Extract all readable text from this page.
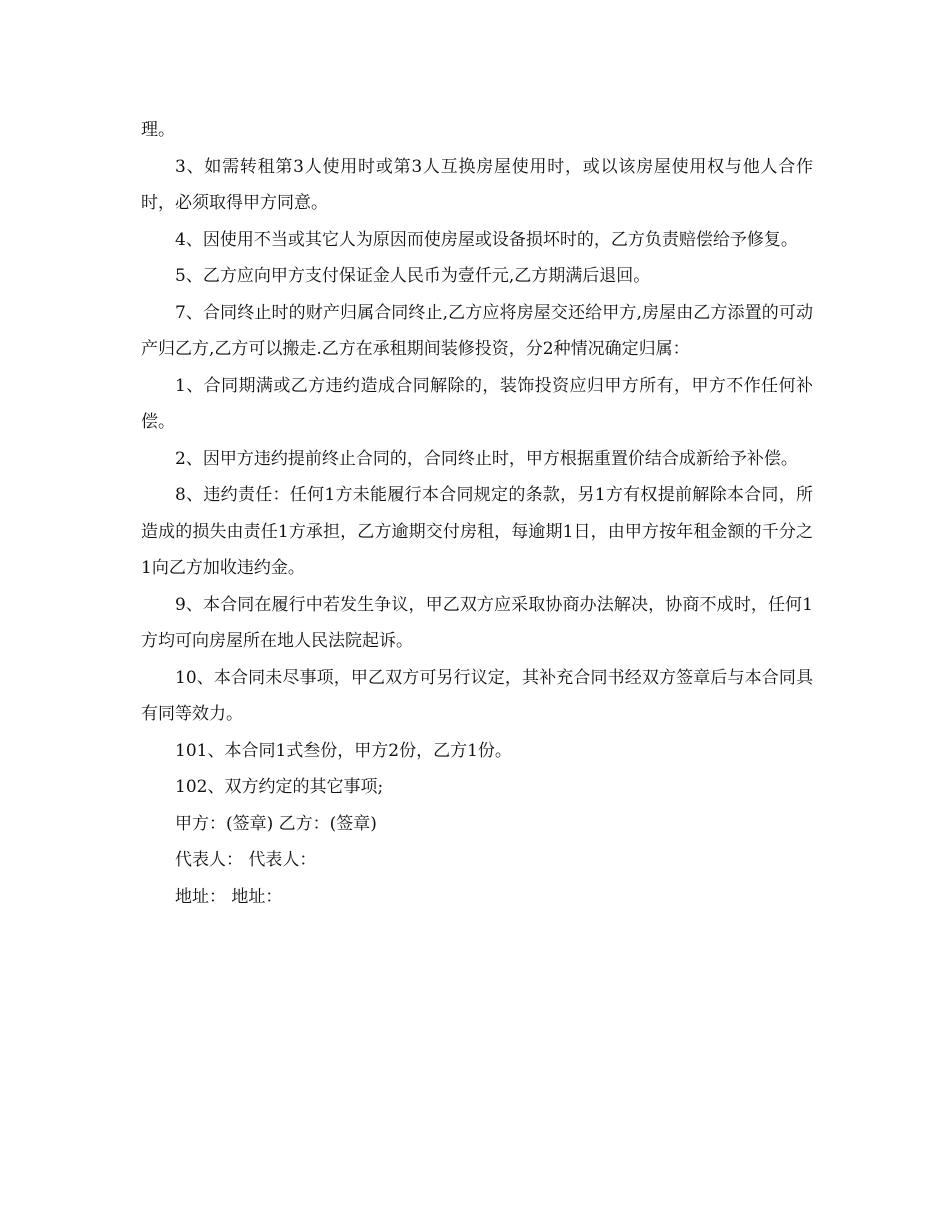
理。

3、如需转租第3人使用时或第3人互换房屋使用时，或以该房屋使用权与他人合作时，必须取得甲方同意。

4、因使用不当或其它人为原因而使房屋或设备损坏时的，乙方负责赔偿给予修复。

5、乙方应向甲方支付保证金人民币为壹仟元,乙方期满后退回。

7、合同终止时的财产归属合同终止,乙方应将房屋交还给甲方,房屋由乙方添置的可动产归乙方,乙方可以搬走.乙方在承租期间装修投资，分2种情况确定归属：

1、合同期满或乙方违约造成合同解除的，装饰投资应归甲方所有，甲方不作任何补偿。

2、因甲方违约提前终止合同的，合同终止时，甲方根据重置价结合成新给予补偿。

8、违约责任：任何1方未能履行本合同规定的条款，另1方有权提前解除本合同，所造成的损失由责任1方承担，乙方逾期交付房租，每逾期1日，由甲方按年租金额的千分之1向乙方加收违约金。

9、本合同在履行中若发生争议，甲乙双方应采取协商办法解决，协商不成时，任何1方均可向房屋所在地人民法院起诉。

10、本合同未尽事项，甲乙双方可另行议定，其补充合同书经双方签章后与本合同具有同等效力。

101、本合同1式叁份，甲方2份，乙方1份。

102、双方约定的其它事项;

甲方：(签章) 乙方：(签章)

代表人： 代表人：

地址： 地址：
